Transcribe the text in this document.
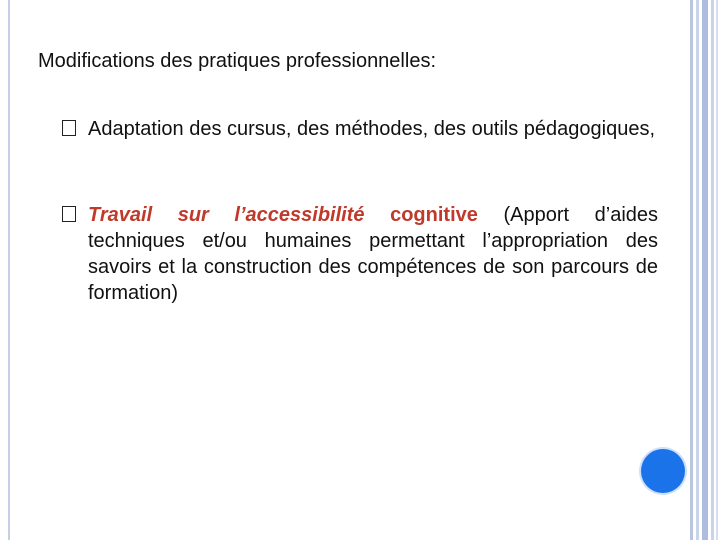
Modifications des pratiques professionnelles:
Adaptation des cursus, des méthodes, des outils pédagogiques,
Travail sur l’accessibilité cognitive (Apport d’aides techniques et/ou humaines permettant l’appropriation des savoirs et la construction des compétences de son parcours de formation)
